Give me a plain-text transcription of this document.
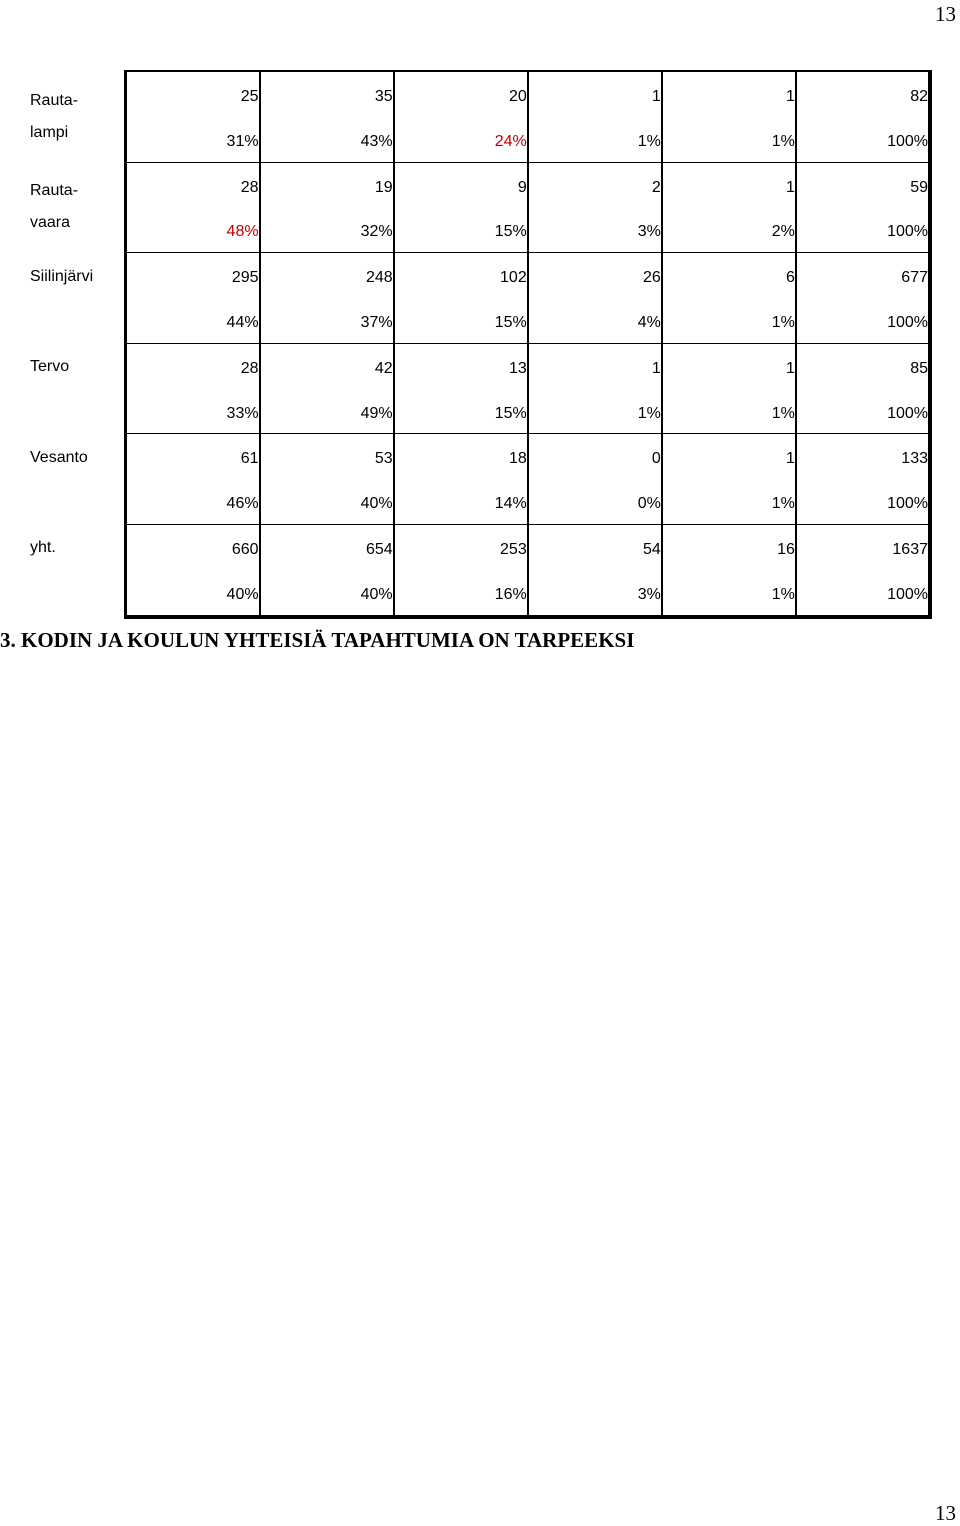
13
Rauta-
lampi	25	35	20	1	1	82
	31%	43%	24%	1%	1%	100%

Rauta-
vaara	28	19	9	2	1	59
	48%	32%	15%	3%	2%	100%
Siilinjärvi	295	248	102	26	6	677
	44%	37%	15%	4%	1%	100%
Tervo	28	42	13	1	1	85
	33%	49%	15%	1%	1%	100%
Vesanto	61	53	18	0	1	133
	46%	40%	14%	0%	1%	100%
yht.	660	654	253	54	16	1637
	40%	40%	16%	3%	1%	100%
3. KODIN JA KOULUN YHTEISIÄ TAPAHTUMIA ON TARPEEKSI
13
